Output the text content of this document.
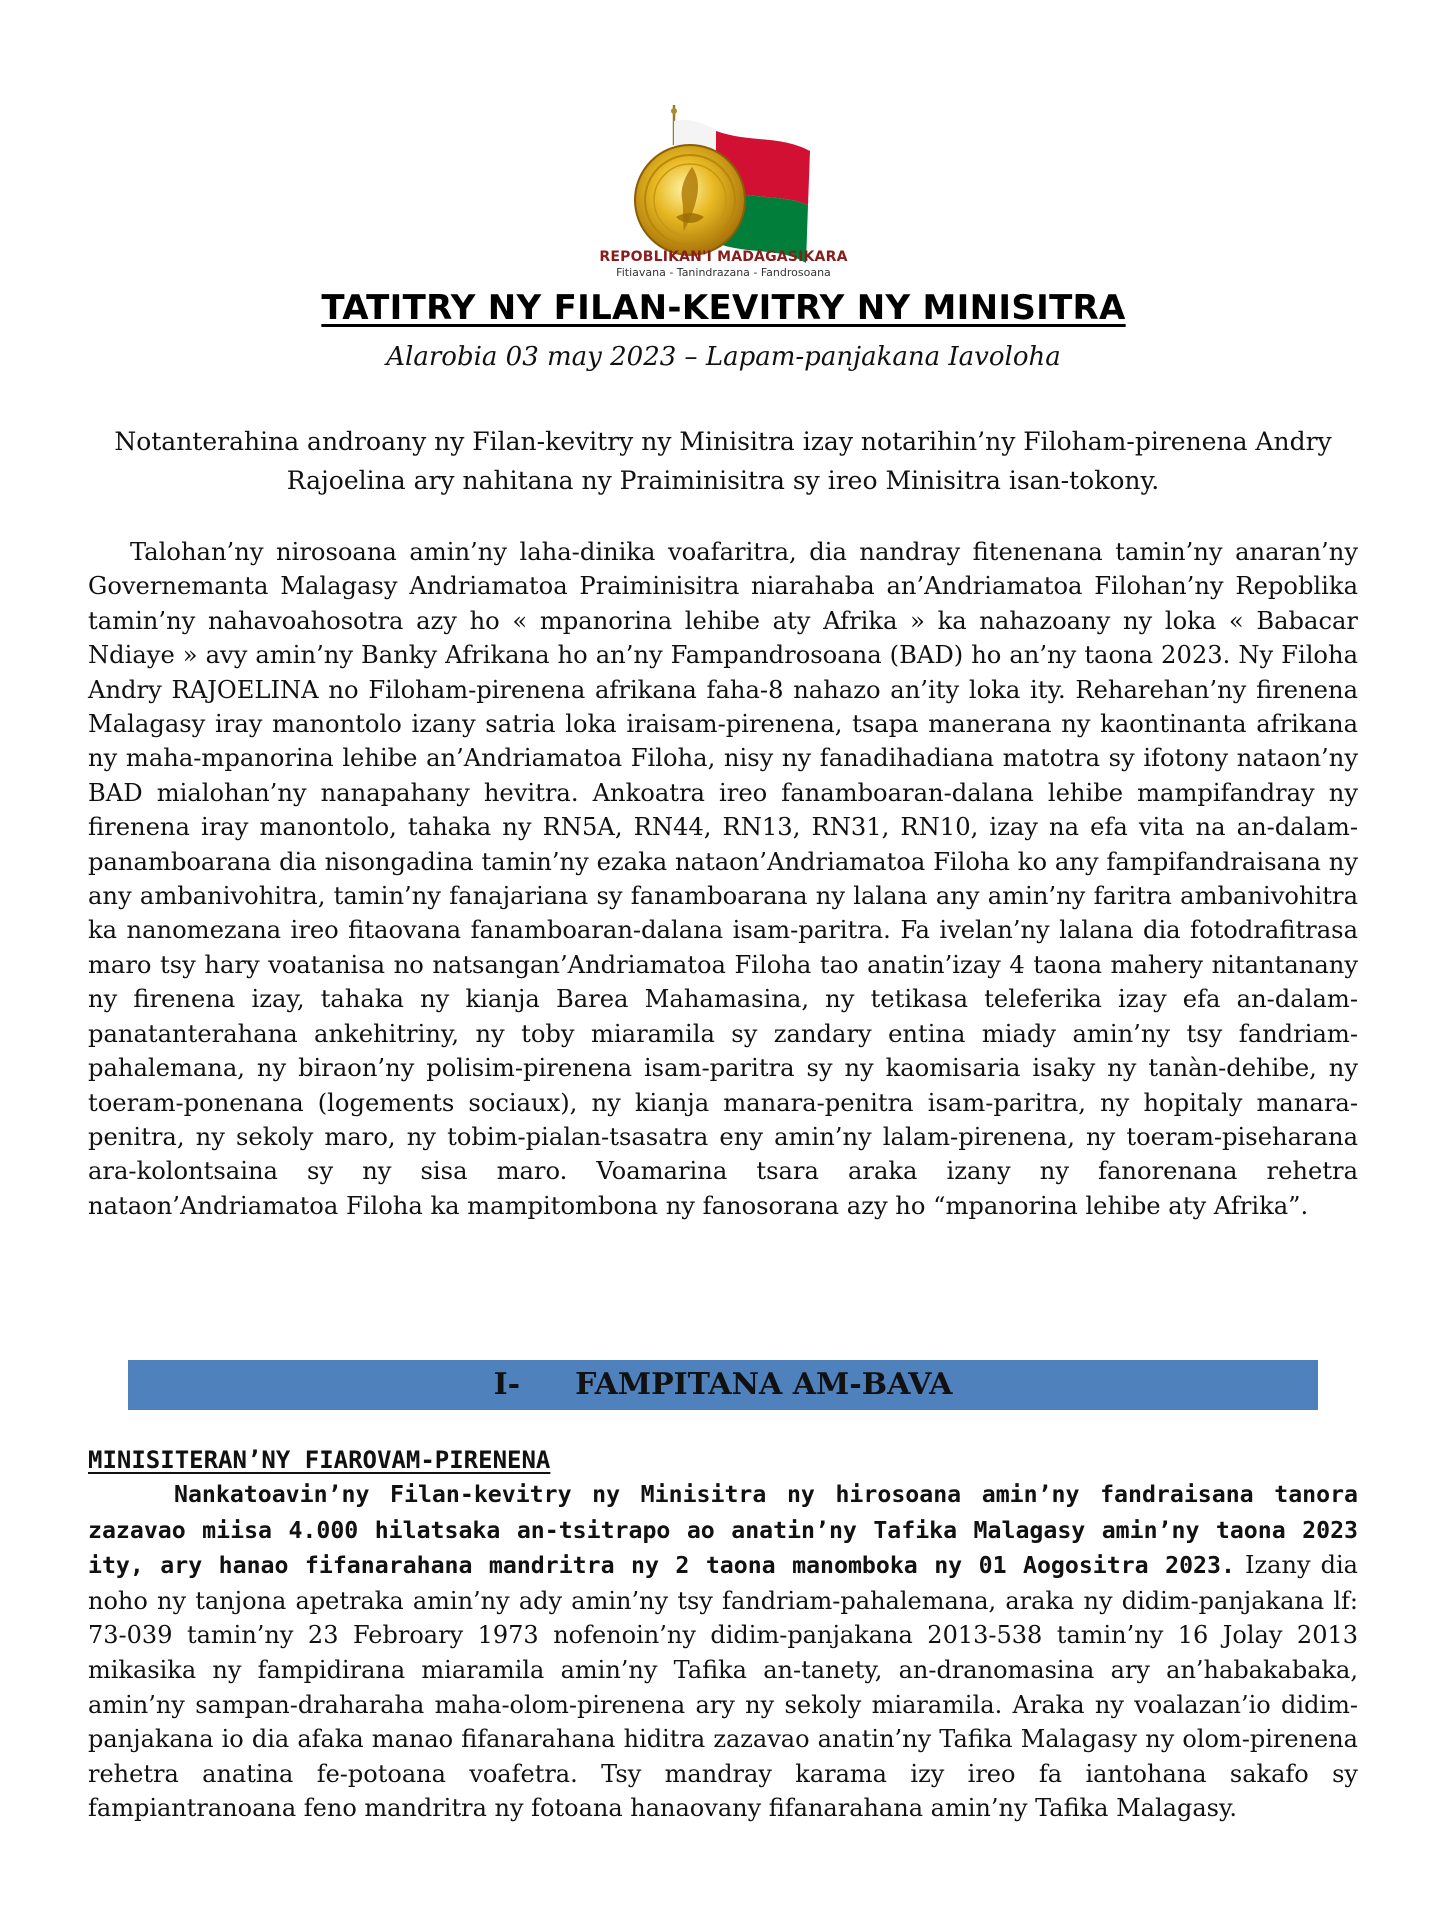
REPOBLIKAN'I MADAGASIKARA
Fitiavana - Tanindrazana - Fandrosoana
TATITRY NY FILAN-KEVITRY NY MINISITRA
Alarobia 03 may 2023 – Lapam-panjakana Iavoloha
Notanterahina androany ny Filan-kevitry ny Minisitra izay notarihin’ny Filoham-pirenena Andry Rajoelina ary nahitana ny Praiminisitra sy ireo Minisitra isan-tokony.
Talohan’ny nirosoana amin’ny laha-dinika voafaritra, dia nandray fitenenana tamin’ny anaran’ny Governemanta Malagasy Andriamatoa Praiminisitra niarahaba an’Andriamatoa Filohan’ny Repoblika tamin’ny nahavoahosotra azy ho « mpanorina lehibe aty Afrika » ka nahazoany ny loka « Babacar Ndiaye » avy amin’ny Banky Afrikana ho an’ny Fampandrosoana (BAD) ho an’ny taona 2023. Ny Filoha Andry RAJOELINA no Filoham-pirenena afrikana faha-8 nahazo an’ity loka ity. Reharehan’ny firenena Malagasy iray manontolo izany satria loka iraisam-pirenena, tsapa manerana ny kaontinanta afrikana ny maha-mpanorina lehibe an’Andriamatoa Filoha, nisy ny fanadihadiana matotra sy ifotony nataon’ny BAD mialohan’ny nanapahany hevitra. Ankoatra ireo fanamboaran-dalana lehibe mampifandray ny firenena iray manontolo, tahaka ny RN5A, RN44, RN13, RN31, RN10, izay na efa vita na an-dalam-panamboarana dia nisongadina tamin’ny ezaka nataon’Andriamatoa Filoha ko any fampifandraisana ny any ambanivohitra, tamin’ny fanajariana sy fanamboarana ny lalana any amin’ny faritra ambanivohitra ka nanomezana ireo fitaovana fanamboaran-dalana isam-paritra. Fa ivelan’ny lalana dia fotodrafitrasa maro tsy hary voatanisa no natsangan’Andriamatoa Filoha tao anatin’izay 4 taona mahery nitantanany ny firenena izay, tahaka ny kianja Barea Mahamasina, ny tetikasa teleferika izay efa an-dalam-panatanterahana ankehitriny, ny toby miaramila sy zandary entina miady amin’ny tsy fandriam-pahalemana, ny biraon’ny polisim-pirenena isam-paritra sy ny kaomisaria isaky ny tanàn-dehibe, ny toeram-ponenana (logements sociaux), ny kianja manara-penitra isam-paritra, ny hopitaly manara-penitra, ny sekoly maro, ny tobim-pialan-tsasatra eny amin’ny lalam-pirenena, ny toeram-piseharana ara-kolontsaina sy ny sisa maro. Voamarina tsara araka izany ny fanorenana rehetra nataon’Andriamatoa Filoha ka mampitombona ny fanosorana azy ho “mpanorina lehibe aty Afrika”.
I- FAMPITANA AM-BAVA
MINISITERAN’NY FIAROVAM-PIRENENA
Nankatoavin’ny Filan-kevitry ny Minisitra ny hirosoana amin’ny fandraisana tanora zazavao miisa 4.000 hilatsaka an-tsitrapo ao anatin’ny Tafika Malagasy amin’ny taona 2023 ity, ary hanao fifanarahana mandritra ny 2 taona manomboka ny 01 Aogositra 2023. Izany dia noho ny tanjona apetraka amin’ny ady amin’ny tsy fandriam-pahalemana, araka ny didim-panjakana lf: 73-039 tamin’ny 23 Febroary 1973 nofenoin’ny didim-panjakana 2013-538 tamin’ny 16 Jolay 2013 mikasika ny fampidirana miaramila amin’ny Tafika an-tanety, an-dranomasina ary an’habakabaka, amin’ny sampan-draharaha maha-olom-pirenena ary ny sekoly miaramila. Araka ny voalazan’io didim-panjakana io dia afaka manao fifanarahana hiditra zazavao anatin’ny Tafika Malagasy ny olom-pirenena rehetra anatina fe-potoana voafetra. Tsy mandray karama izy ireo fa iantohana sakafo sy fampiantranoana feno mandritra ny fotoana hanaovany fifanarahana amin’ny Tafika Malagasy.
